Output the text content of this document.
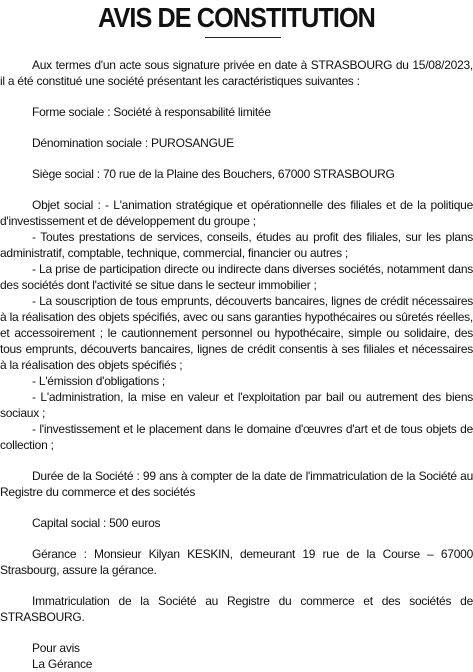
AVIS DE CONSTITUTION

Aux termes d'un acte sous signature privée en date à STRASBOURG du 15/08/2023, il a été constitué une société présentant les caractéristiques suivantes :

Forme sociale : Société à responsabilité limitée

Dénomination sociale : PUROSANGUE

Siège social : 70 rue de la Plaine des Bouchers, 67000 STRASBOURG

Objet social : - L'animation stratégique et opérationnelle des filiales et de la politique d'investissement et de développement du groupe ;

- Toutes prestations de services, conseils, études au profit des filiales, sur les plans administratif, comptable, technique, commercial, financier ou autres ;

- La prise de participation directe ou indirecte dans diverses sociétés, notamment dans des sociétés dont l'activité se situe dans le secteur immobilier ;

- La souscription de tous emprunts, découverts bancaires, lignes de crédit nécessaires à la réalisation des objets spécifiés, avec ou sans garanties hypothécaires ou sûretés réelles, et accessoirement ; le cautionnement personnel ou hypothécaire, simple ou solidaire, des tous emprunts, découverts bancaires, lignes de crédit consentis à ses filiales et nécessaires à la réalisation des objets spécifiés ;

- L'émission d'obligations ;

- L'administration, la mise en valeur et l'exploitation par bail ou autrement des biens sociaux ;

- l'investissement et le placement dans le domaine d'œuvres d'art et de tous objets de collection ;

Durée de la Société : 99 ans à compter de la date de l'immatriculation de la Société au Registre du commerce et des sociétés

Capital social : 500 euros

Gérance : Monsieur Kilyan KESKIN, demeurant 19 rue de la Course – 67000 Strasbourg, assure la gérance.

Immatriculation de la Société au Registre du commerce et des sociétés de STRASBOURG.

Pour avis

La Gérance
